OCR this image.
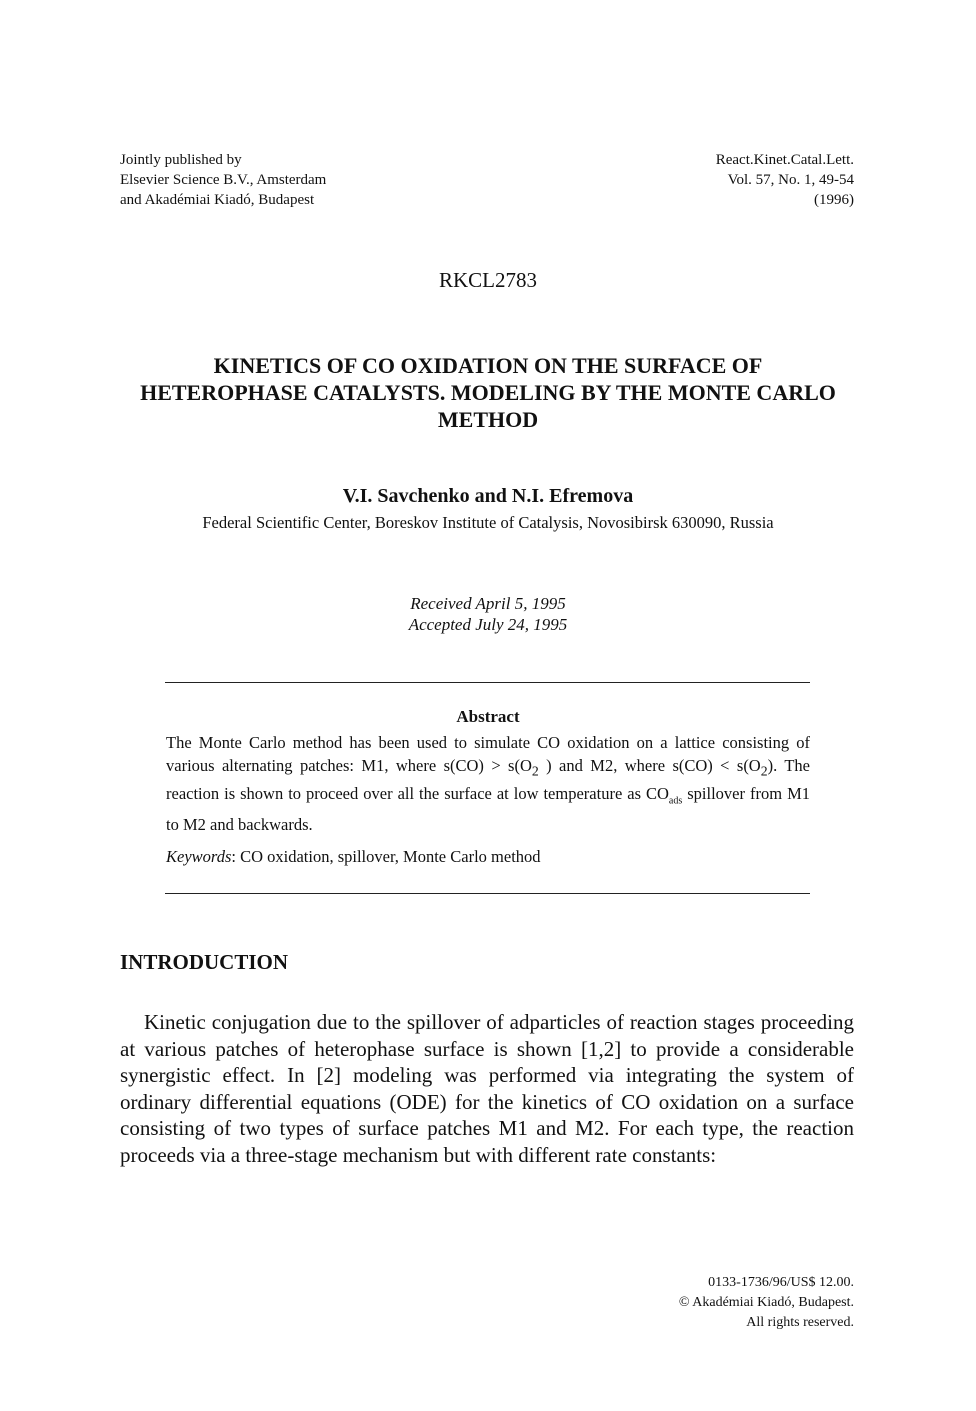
Jointly published by
Elsevier Science B.V., Amsterdam
and Akadémiai Kiadó, Budapest
React.Kinet.Catal.Lett.
Vol. 57, No. 1, 49-54
(1996)
RKCL2783
KINETICS OF CO OXIDATION ON THE SURFACE OF
HETEROPHASE CATALYSTS. MODELING BY THE MONTE CARLO
METHOD
V.I. Savchenko and N.I. Efremova
Federal Scientific Center, Boreskov Institute of Catalysis, Novosibirsk 630090, Russia
Received April 5, 1995
Accepted July 24, 1995
Abstract
The Monte Carlo method has been used to simulate CO oxidation on a lattice consisting of various alternating patches: M1, where $s(CO) > s(O_2$ ) and M2, where $s(CO) < s(O_2)$. The reaction is shown to proceed over all the surface at low temperature as $CO_{ads}$ spillover from M1 to M2 and backwards.
Keywords: CO oxidation, spillover, Monte Carlo method
INTRODUCTION
Kinetic conjugation due to the spillover of adparticles of reaction stages proceeding at various patches of heterophase surface is shown [1,2] to provide a considerable synergistic effect. In [2] modeling was performed via integrating the system of ordinary differential equations (ODE) for the kinetics of CO oxidation on a surface consisting of two types of surface patches M1 and M2. For each type, the reaction proceeds via a three-stage mechanism but with different rate constants:
0133-1736/96/US$ 12.00.
© Akadémiai Kiadó, Budapest.
All rights reserved.
